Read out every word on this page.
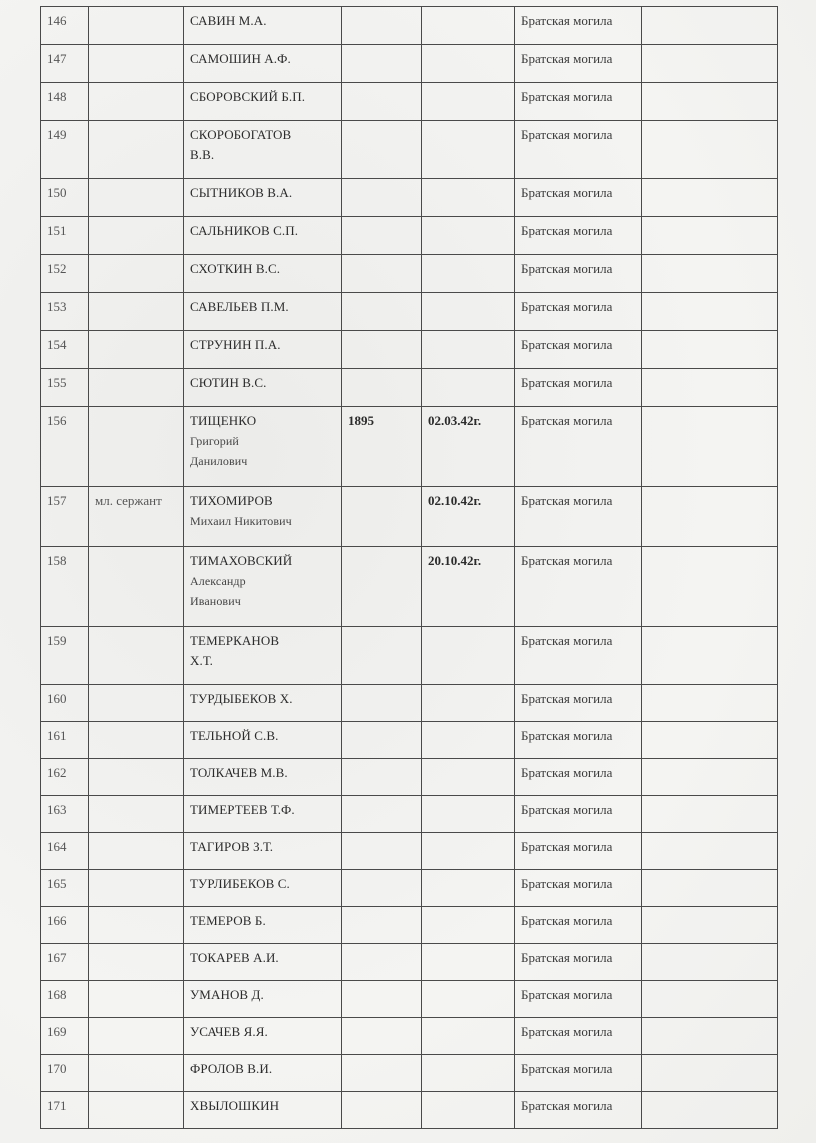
146		САВИН М.А.			Братская могила	
147		САМОШИН А.Ф.			Братская могила	
148		СБОРОВСКИЙ Б.П.			Братская могила	
149		СКОРОБОГАТОВ
В.В.			Братская могила	
150		СЫТНИКОВ В.А.			Братская могила	
151		САЛЬНИКОВ С.П.			Братская могила	
152		СХОТКИН В.С.			Братская могила	
153		САВЕЛЬЕВ П.М.			Братская могила	
154		СТРУНИН П.А.			Братская могила	
155		СЮТИН В.С.			Братская могила	
156		ТИЩЕНКО
Григорий
Данилович	1895	02.03.42г.	Братская могила	
157	мл. сержант	ТИХОМИРОВ
Михаил Никитович		02.10.42г.	Братская могила	
158		ТИМАХОВСКИЙ
Александр
Иванович		20.10.42г.	Братская могила	
159		ТЕМЕРКАНОВ
Х.Т.			Братская могила	
160		ТУРДЫБЕКОВ Х.			Братская могила	
161		ТЕЛЬНОЙ С.В.			Братская могила	
162		ТОЛКАЧЕВ М.В.			Братская могила	
163		ТИМЕРТЕЕВ Т.Ф.			Братская могила	
164		ТАГИРОВ З.Т.			Братская могила	
165		ТУРЛИБЕКОВ С.			Братская могила	
166		ТЕМЕРОВ Б.			Братская могила	
167		ТОКАРЕВ А.И.			Братская могила	
168		УМАНОВ Д.			Братская могила	
169		УСАЧЕВ Я.Я.			Братская могила	
170		ФРОЛОВ В.И.			Братская могила	
171		ХВЫЛОШКИН			Братская могила	
